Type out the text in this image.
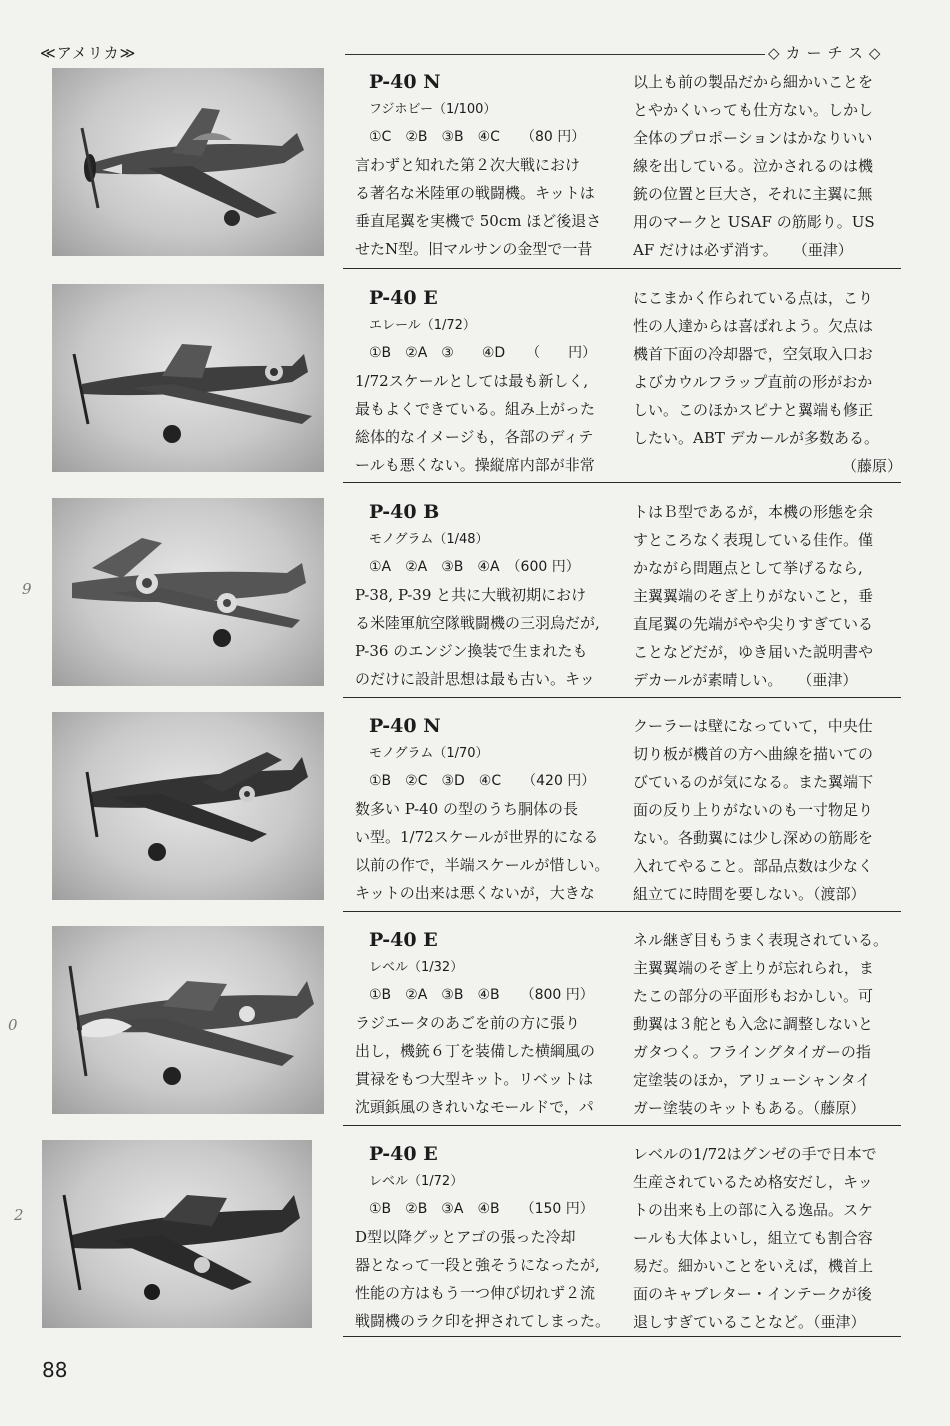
≪アメリカ≫	◇カーチス◇
P-40 N
フジホビー（1/100）
①C　②B　③B　④C　　（80 円）
言わずと知れた第２次大戦におけ
る著名な米陸軍の戦闘機。キットは
垂直尾翼を実機で 50cm ほど後退さ
せたN型。旧マルサンの金型で一昔
以上も前の製品だから細かいことを
とやかくいっても仕方ない。しかし
全体のプロポーションはかなりいい
線を出している。泣かされるのは機
銃の位置と巨大さ，それに主翼に無
用のマークと USAF の筋彫り。US
AF だけは必ず消す。　　（亜津）
P-40 E
エレール（1/72）
①B　②A　③　　④D　　（　　円）
1/72スケールとしては最も新しく,
最もよくできている。組み上がった
総体的なイメージも，各部のディテ
ールも悪くない。操縦席内部が非常
にこまかく作られている点は，こり
性の人達からは喜ばれよう。欠点は
機首下面の冷却器で，空気取入口お
よびカウルフラップ直前の形がおか
しい。このほかスピナと翼端も修正
したい。ABT デカールが多数ある。
（藤原）
P-40 B
モノグラム（1/48）
①A　②A　③B　④A　（600 円）
P-38, P-39 と共に大戦初期におけ
る米陸軍航空隊戦闘機の三羽烏だが,
P-36 のエンジン換装で生まれたも
のだけに設計思想は最も古い。キッ
トはＢ型であるが，本機の形態を余
すところなく表現している佳作。僅
かながら問題点として挙げるなら,
主翼翼端のそぎ上りがないこと，垂
直尾翼の先端がやや尖りすぎている
ことなどだが，ゆき届いた説明書や
デカールが素晴しい。　　（亜津）
P-40 N
モノグラム（1/70）
①B　②C　③D　④C　　（420 円）
数多い P-40 の型のうち胴体の長
い型。1/72スケールが世界的になる
以前の作で，半端スケールが惜しい。
キットの出来は悪くないが，大きな
クーラーは壁になっていて，中央仕
切り板が機首の方へ曲線を描いての
びているのが気になる。また翼端下
面の反り上りがないのも一寸物足り
ない。各動翼には少し深めの筋彫を
入れてやること。部品点数は少なく
組立てに時間を要しない。（渡部）
P-40 E
レベル（1/32）
①B　②A　③B　④B　　（800 円）
ラジエータのあごを前の方に張り
出し，機銃６丁を装備した横綱風の
貫禄をもつ大型キット。リベットは
沈頭鋲風のきれいなモールドで，パ
ネル継ぎ目もうまく表現されている。
主翼翼端のそぎ上りが忘れられ，ま
たこの部分の平面形もおかしい。可
動翼は３舵とも入念に調整しないと
ガタつく。フライングタイガーの指
定塗装のほか，アリューシャンタイ
ガー塗装のキットもある。（藤原）
P-40 E
レベル（1/72）
①B　②B　③A　④B　　（150 円）
D型以降グッとアゴの張った冷却
器となって一段と強そうになったが,
性能の方はもう一つ伸び切れず２流
戦闘機のラク印を押されてしまった。
レベルの1/72はグンゼの手で日本で
生産されているため格安だし，キッ
トの出来も上の部に入る逸品。スケ
ールも大体よいし，組立ても割合容
易だ。細かいことをいえば，機首上
面のキャブレター・インテークが後
退しすぎていることなど。（亜津）
9
0
2
88
